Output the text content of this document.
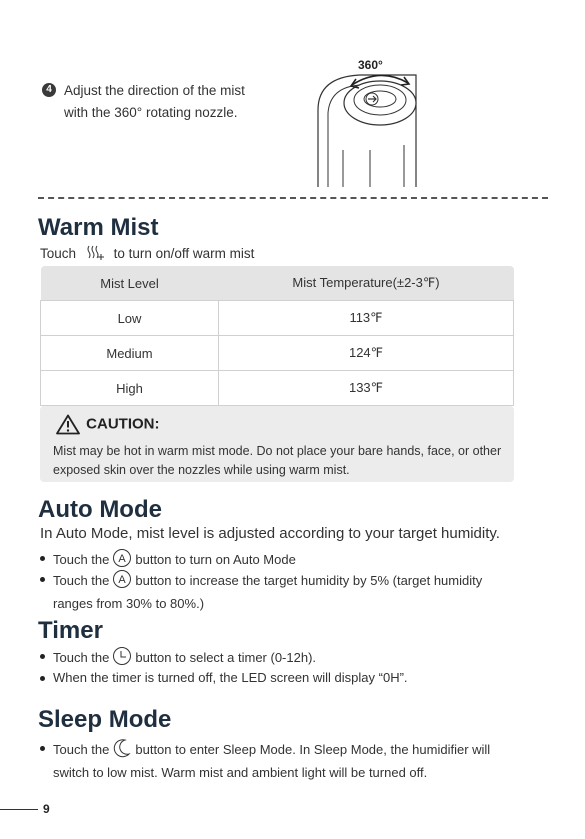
4 Adjust the direction of the mist with the 360° rotating nozzle.
360°
Warm Mist
Touch	to turn on/off warm mist
Mist Level	Mist Temperature(±2-3℉)
Low	113℉
Medium	124℉
High	133℉
CAUTION:
Mist may be hot in warm mist mode. Do not place your bare hands, face, or other exposed skin over the nozzles while using warm mist.
Auto Mode
In Auto Mode, mist level is adjusted according to your target humidity.
Touch the A button to turn on Auto Mode
Touch the A button to increase the target humidity by 5% (target humidity ranges from 30% to 80%.)
Timer
Touch the button to select a timer (0-12h).
When the timer is turned off, the LED screen will display “0H”.
Sleep Mode
Touch the button to enter Sleep Mode. In Sleep Mode, the humidifier will switch to low mist. Warm mist and ambient light will be turned off.
9
